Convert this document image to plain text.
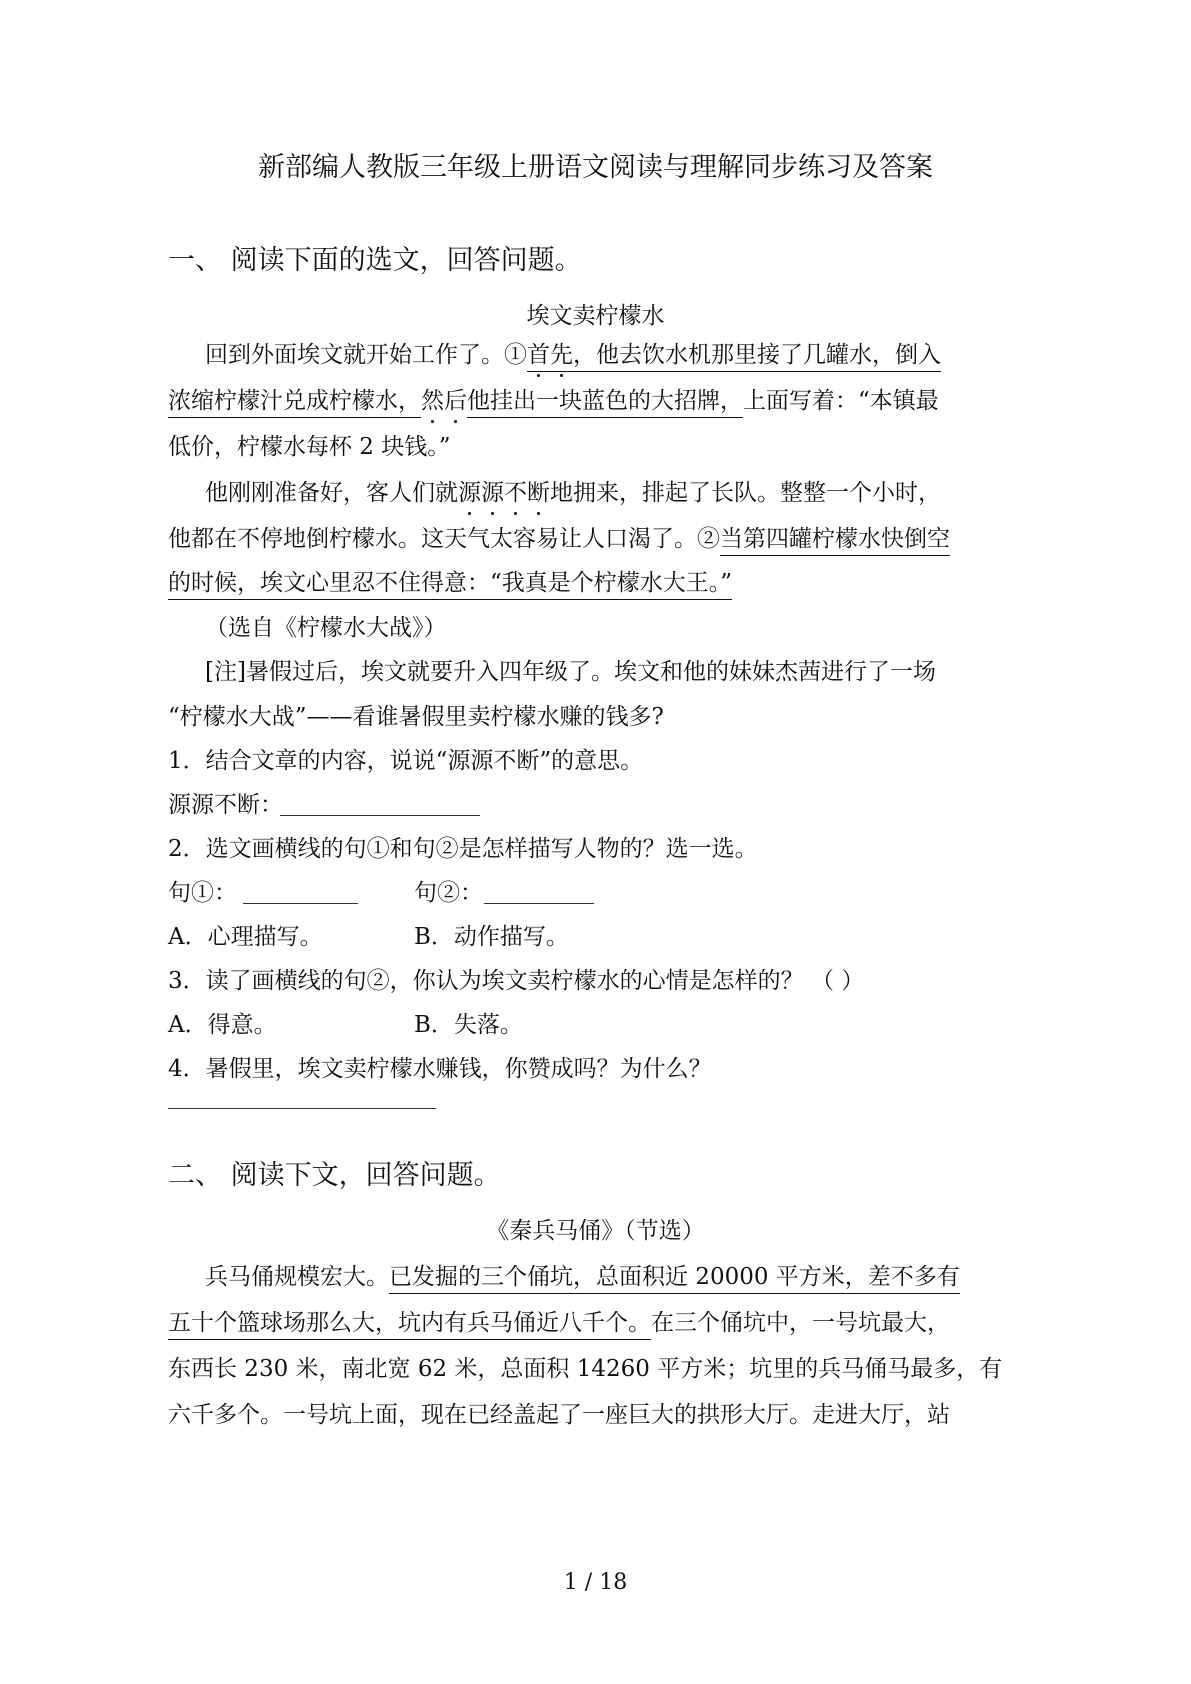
新部编人教版三年级上册语文阅读与理解同步练习及答案
一、 阅读下面的选文，回答问题。
埃文卖柠檬水
回到外面埃文就开始工作了。①首先，他去饮水机那里接了几罐水，倒入
浓缩柠檬汁兑成柠檬水，然后他挂出一块蓝色的大招牌，上面写着：“本镇最
低价，柠檬水每杯 2 块钱。”
他刚刚准备好，客人们就源源不断地拥来，排起了长队。整整一个小时，
他都在不停地倒柠檬水。这天气太容易让人口渴了。②当第四罐柠檬水快倒空
的时候，埃文心里忍不住得意：“我真是个柠檬水大王。”
（选自《柠檬水大战》）
[注]暑假过后，埃文就要升入四年级了。埃文和他的妹妹杰茜进行了一场
“柠檬水大战”——看谁暑假里卖柠檬水赚的钱多?
1．结合文章的内容，说说“源源不断”的意思。
源源不断：
2．选文画横线的句①和句②是怎样描写人物的？选一选。
句①：	句②：
A．心理描写。	B．动作描写。
3．读了画横线的句②，你认为埃文卖柠檬水的心情是怎样的？ （ ）
A．得意。	B．失落。
4．暑假里，埃文卖柠檬水赚钱，你赞成吗？为什么？
二、 阅读下文，回答问题。
《秦兵马俑》（节选）
兵马俑规模宏大。已发掘的三个俑坑，总面积近 20000 平方米，差不多有
五十个篮球场那么大，坑内有兵马俑近八千个。在三个俑坑中，一号坑最大，
东西长 230 米，南北宽 62 米，总面积 14260 平方米；坑里的兵马俑马最多，有
六千多个。一号坑上面，现在已经盖起了一座巨大的拱形大厅。走进大厅，站
1 / 18
